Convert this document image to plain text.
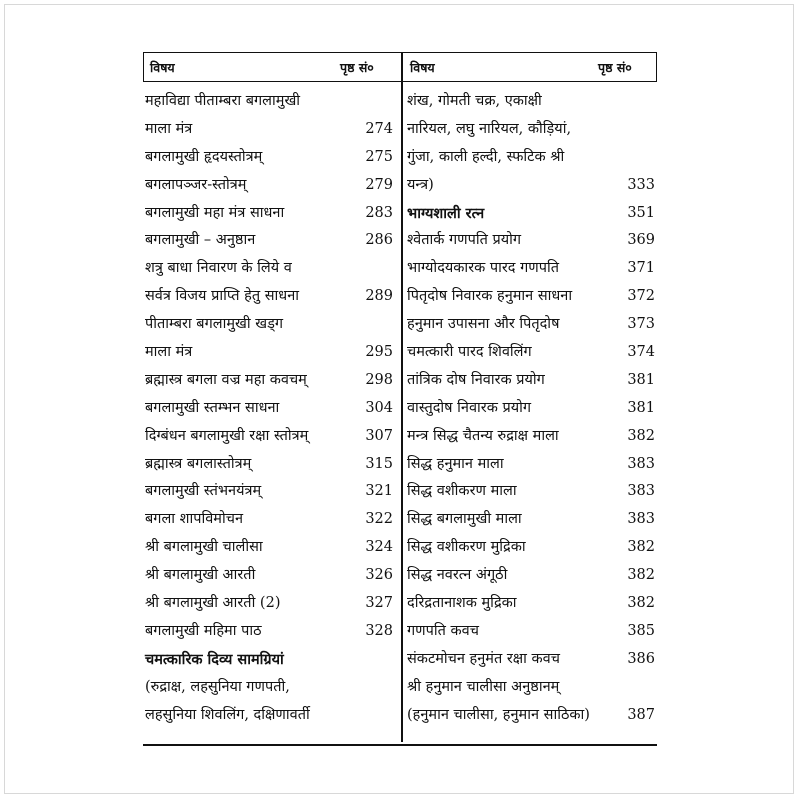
विषय	पृष्ठ सं०	विषय	पृष्ठ सं०
महाविद्या पीताम्बरा बगलामुखी
माला मंत्र	274
बगलामुखी हृदयस्तोत्रम्	275
बगलापञ्जर-स्तोत्रम्	279
बगलामुखी महा मंत्र साधना	283
बगलामुखी – अनुष्ठान	286
शत्रु बाधा निवारण के लिये व
सर्वत्र विजय प्राप्ति हेतु साधना	289
पीताम्बरा बगलामुखी खड्ग
माला मंत्र	295
ब्रह्मास्त्र बगला वज्र महा कवचम्	298
बगलामुखी स्तम्भन साधना	304
दिग्बंधन बगलामुखी रक्षा स्तोत्रम्	307
ब्रह्मास्त्र बगलास्तोत्रम्	315
बगलामुखी स्तंभनयंत्रम्	321
बगला शापविमोचन	322
श्री बगलामुखी चालीसा	324
श्री बगलामुखी आरती	326
श्री बगलामुखी आरती (2)	327
बगलामुखी महिमा पाठ	328
चमत्कारिक दिव्य सामग्रियां
(रुद्राक्ष, लहसुनिया गणपती,
लहसुनिया शिवलिंग, दक्षिणावर्ती
शंख, गोमती चक्र, एकाक्षी
नारियल, लघु नारियल, कौड़ियां,
गुंजा, काली हल्दी, स्फटिक श्री
यन्त्र)	333
भाग्यशाली रत्न	351
श्वेतार्क गणपति प्रयोग	369
भाग्योदयकारक पारद गणपति	371
पितृदोष निवारक हनुमान साधना	372
हनुमान उपासना और पितृदोष	373
चमत्कारी पारद शिवलिंग	374
तांत्रिक दोष निवारक प्रयोग	381
वास्तुदोष निवारक प्रयोग	381
मन्त्र सिद्ध चैतन्य रुद्राक्ष माला	382
सिद्ध हनुमान माला	383
सिद्ध वशीकरण माला	383
सिद्ध बगलामुखी माला	383
सिद्ध वशीकरण मुद्रिका	382
सिद्ध नवरत्न अंगूठी	382
दरिद्रतानाशक मुद्रिका	382
गणपति कवच	385
संकटमोचन हनुमंत रक्षा कवच	386
श्री हनुमान चालीसा अनुष्ठानम्
(हनुमान चालीसा, हनुमान साठिका)	387
